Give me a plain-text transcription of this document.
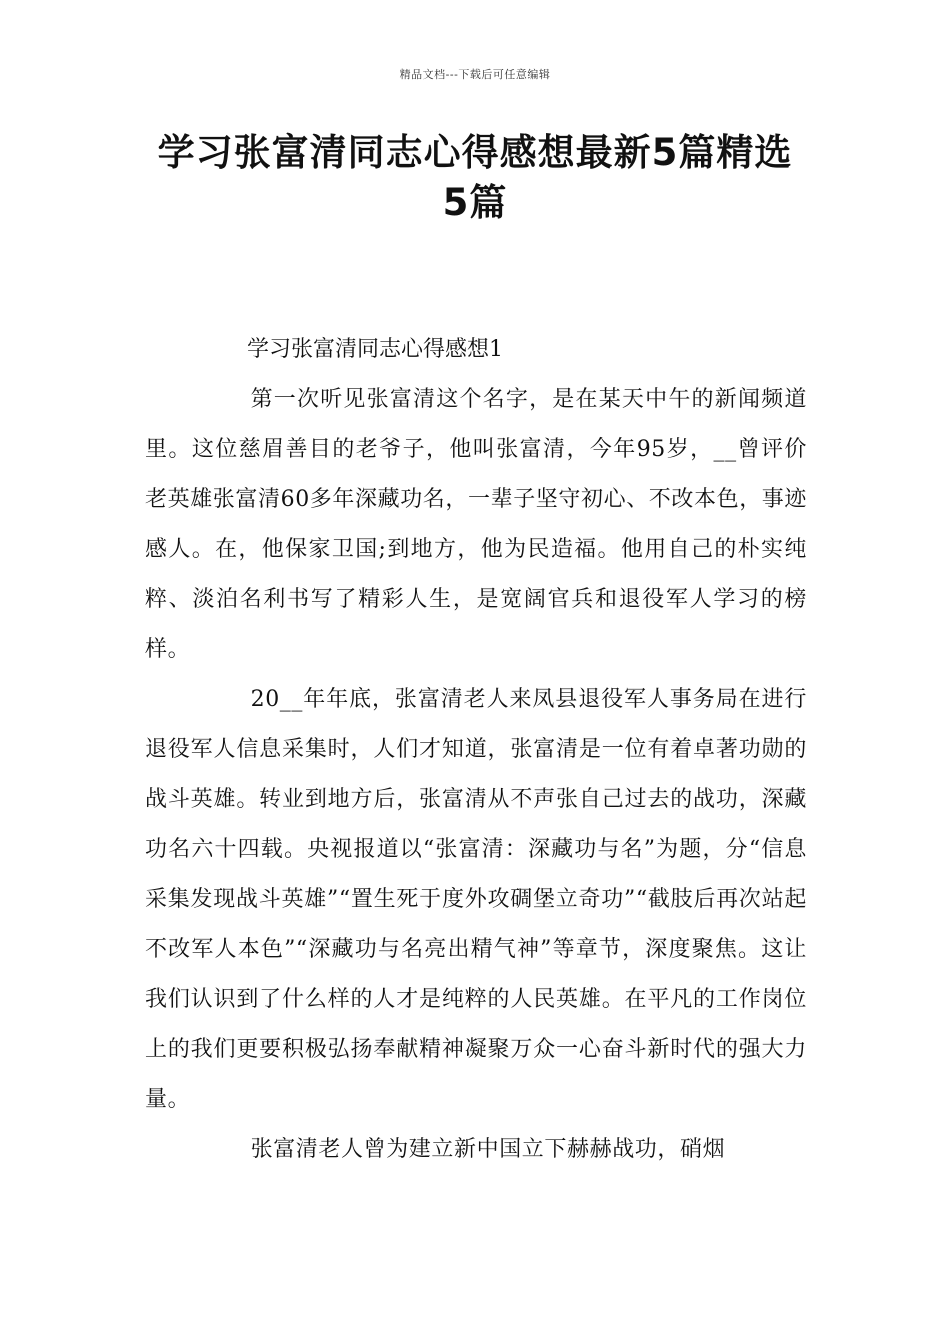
精品文档---下载后可任意编辑
学习张富清同志心得感想最新5篇精选
5篇
学习张富清同志心得感想1

第一次听见张富清这个名字，是在某天中午的新闻频道里。这位慈眉善目的老爷子，他叫张富清，今年95岁，__曾评价老英雄张富清60多年深藏功名，一辈子坚守初心、不改本色，事迹感人。在，他保家卫国;到地方，他为民造福。他用自己的朴实纯粹、淡泊名利书写了精彩人生，是宽阔官兵和退役军人学习的榜样。

20__年年底，张富清老人来凤县退役军人事务局在进行退役军人信息采集时，人们才知道，张富清是一位有着卓著功勋的战斗英雄。转业到地方后，张富清从不声张自己过去的战功，深藏功名六十四载。央视报道以“张富清：深藏功与名”为题，分“信息采集发现战斗英雄”“置生死于度外攻碉堡立奇功”“截肢后再次站起不改军人本色”“深藏功与名亮出精气神”等章节，深度聚焦。这让我们认识到了什么样的人才是纯粹的人民英雄。在平凡的工作岗位上的我们更要积极弘扬奉献精神凝聚万众一心奋斗新时代的强大力量。

张富清老人曾为建立新中国立下赫赫战功，硝烟
